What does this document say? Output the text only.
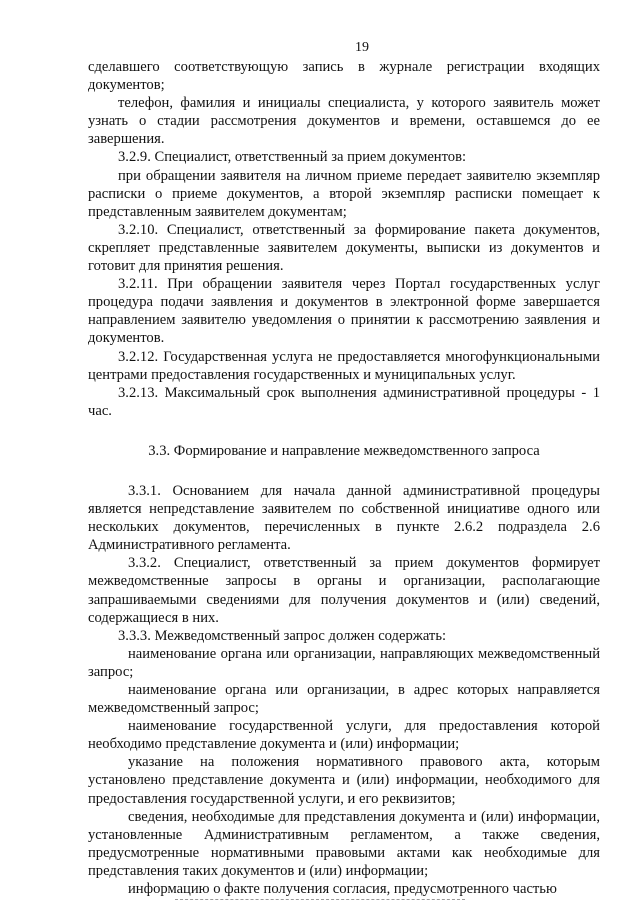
19

сделавшего соответствующую запись в журнале регистрации входящих документов;

телефон, фамилия и инициалы специалиста, у которого заявитель может узнать о стадии рассмотрения документов и времени, оставшемся до ее завершения.

3.2.9. Специалист, ответственный за прием документов:

при обращении заявителя на личном приеме передает заявителю экземпляр расписки о приеме документов, а второй экземпляр расписки помещает к представленным заявителем документам;

3.2.10. Специалист, ответственный за формирование пакета документов, скрепляет представленные заявителем документы, выписки из документов и готовит для принятия решения.

3.2.11. При обращении заявителя через Портал государственных услуг процедура подачи заявления и документов в электронной форме завершается направлением заявителю уведомления о принятии к рассмотрению заявления и документов.

3.2.12. Государственная услуга не предоставляется многофункциональными центрами предоставления государственных и муниципальных услуг.

3.2.13. Максимальный срок выполнения административной процедуры - 1 час.

3.3. Формирование и направление межведомственного запроса

3.3.1. Основанием для начала данной административной процедуры является непредставление заявителем по собственной инициативе одного или нескольких документов, перечисленных в пункте 2.6.2 подраздела 2.6 Административного регламента.

3.3.2. Специалист, ответственный за прием документов формирует межведомственные запросы в органы и организации, располагающие запрашиваемыми сведениями для получения документов и (или) сведений, содержащиеся в них.

3.3.3. Межведомственный запрос должен содержать:

наименование органа или организации, направляющих межведомственный запрос;

наименование органа или организации, в адрес которых направляется межведомственный запрос;

наименование государственной услуги, для предоставления которой необходимо представление документа и (или) информации;

указание на положения нормативного правового акта, которым установлено представление документа и (или) информации, необходимого для предоставления государственной услуги, и его реквизитов;

сведения, необходимые для представления документа и (или) информации, установленные Административным регламентом, а также сведения, предусмотренные нормативными правовыми актами как необходимые для представления таких документов и (или) информации;

информацию о факте получения согласия, предусмотренного частью
